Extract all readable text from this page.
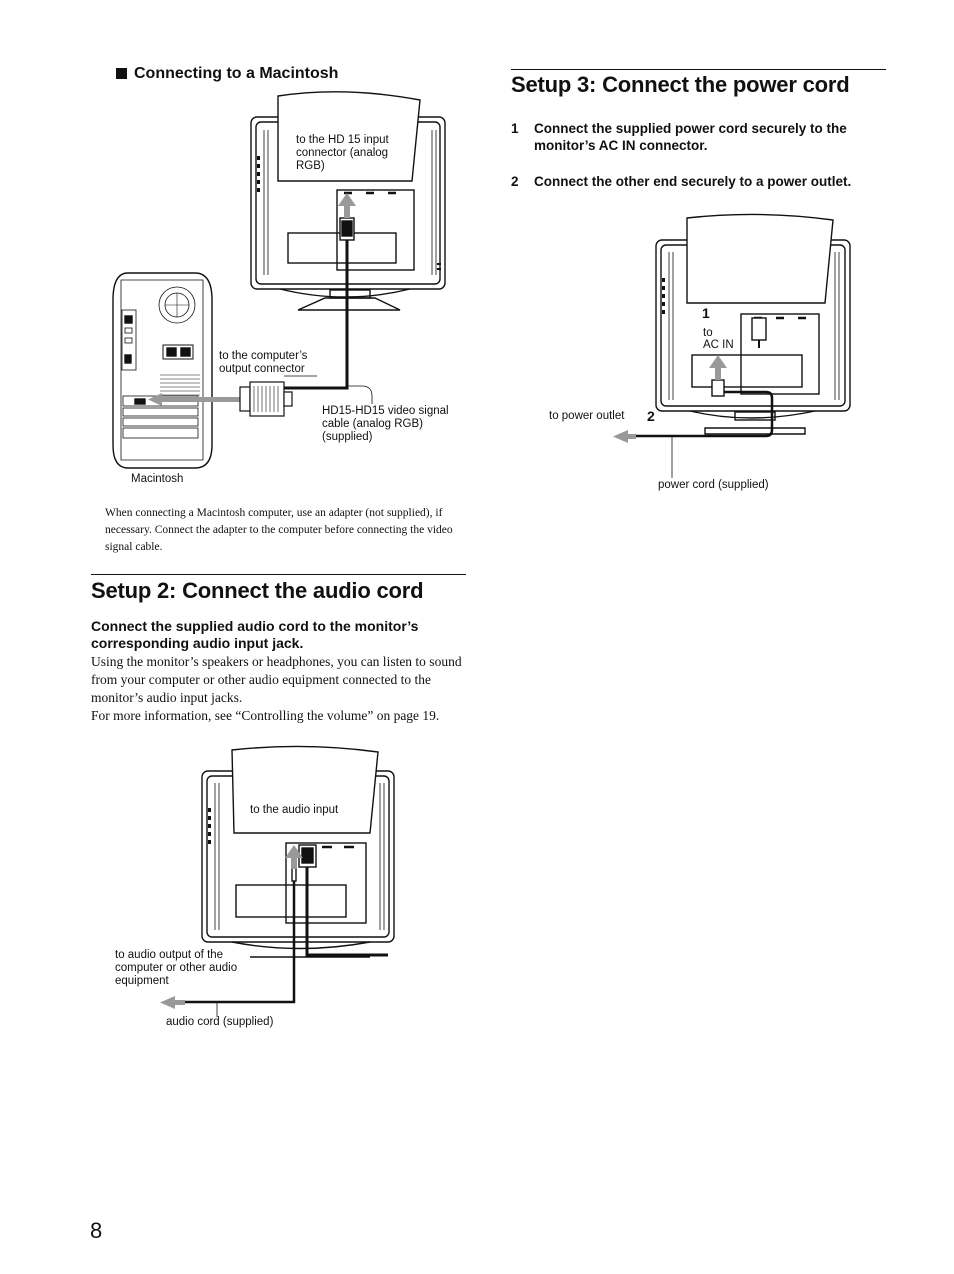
Connecting to a Macintosh
to the HD 15 input connector (analog RGB)
to the computer’s output connector
HD15-HD15 video signal cable (analog RGB) (supplied)
Macintosh
When connecting a Macintosh computer, use an adapter (not supplied), if necessary. Connect the adapter to the computer before connecting the video signal cable.
Setup 2: Connect the audio cord
Connect the supplied audio cord to the monitor’s corresponding audio input jack.
Using the monitor’s speakers or headphones, you can listen to sound from your computer or other audio equipment connected to the monitor’s audio input jacks.
For more information, see “Controlling the volume” on page 19.
to the audio input
to audio output of the computer or other audio equipment
audio cord (supplied)
Setup 3: Connect the power cord
1 Connect the supplied power cord securely to the monitor’s AC IN connector.
2 Connect the other end securely to a power outlet.
1
to
AC IN
to power outlet 2
power cord (supplied)
8
